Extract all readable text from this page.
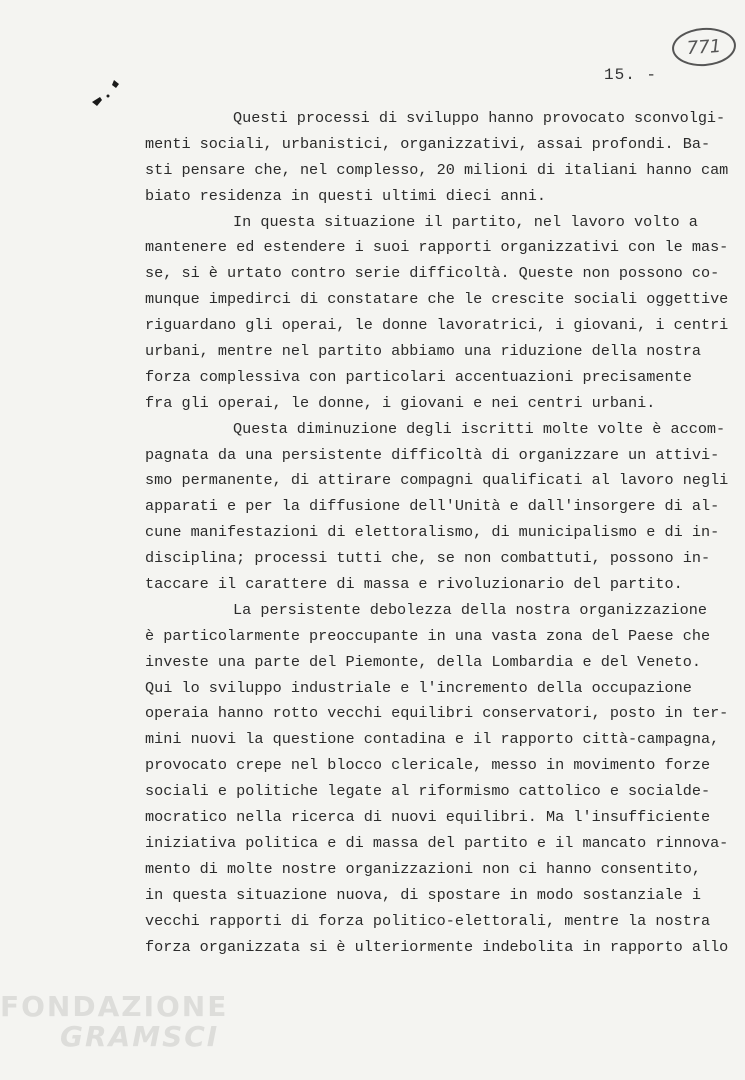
771
15. -
Questi processi di sviluppo hanno provocato sconvolgi-
menti sociali, urbanistici, organizzativi, assai profondi. Ba-
sti pensare che, nel complesso, 20 milioni di italiani hanno cam
biato residenza in questi ultimi dieci anni.
In questa situazione il partito, nel lavoro volto a
mantenere ed estendere i suoi rapporti organizzativi con le mas-
se, si è urtato contro serie difficoltà. Queste non possono co-
munque impedirci di constatare che le crescite sociali oggettive
riguardano gli operai, le donne lavoratrici, i giovani, i centri
urbani, mentre nel partito abbiamo una riduzione della nostra
forza complessiva con particolari accentuazioni precisamente
fra gli operai, le donne, i giovani e nei centri urbani.
Questa diminuzione degli iscritti molte volte è accom-
pagnata da una persistente difficoltà di organizzare un attivi-
smo permanente, di attirare compagni qualificati al lavoro negli
apparati e per la diffusione dell'Unità e dall'insorgere di al-
cune manifestazioni di elettoralismo, di municipalismo e di in-
disciplina; processi tutti che, se non combattuti, possono in-
taccare il carattere di massa e rivoluzionario del partito.
La persistente debolezza della nostra organizzazione
è particolarmente preoccupante in una vasta zona del Paese che
investe una parte del Piemonte, della Lombardia e del Veneto.
Qui lo sviluppo industriale e l'incremento della occupazione
operaia hanno rotto vecchi equilibri conservatori, posto in ter-
mini nuovi la questione contadina e il rapporto città-campagna,
provocato crepe nel blocco clericale, messo in movimento forze
sociali e politiche legate al riformismo cattolico e socialde-
mocratico nella ricerca di nuovi equilibri. Ma l'insufficiente
iniziativa politica e di massa del partito e il mancato rinnova-
mento di molte nostre organizzazioni non ci hanno consentito,
in questa situazione nuova, di spostare in modo sostanziale i
vecchi rapporti di forza politico-elettorali, mentre la nostra
forza organizzata si è ulteriormente indebolita in rapporto allo
FONDAZIONE
GRAMSCI
